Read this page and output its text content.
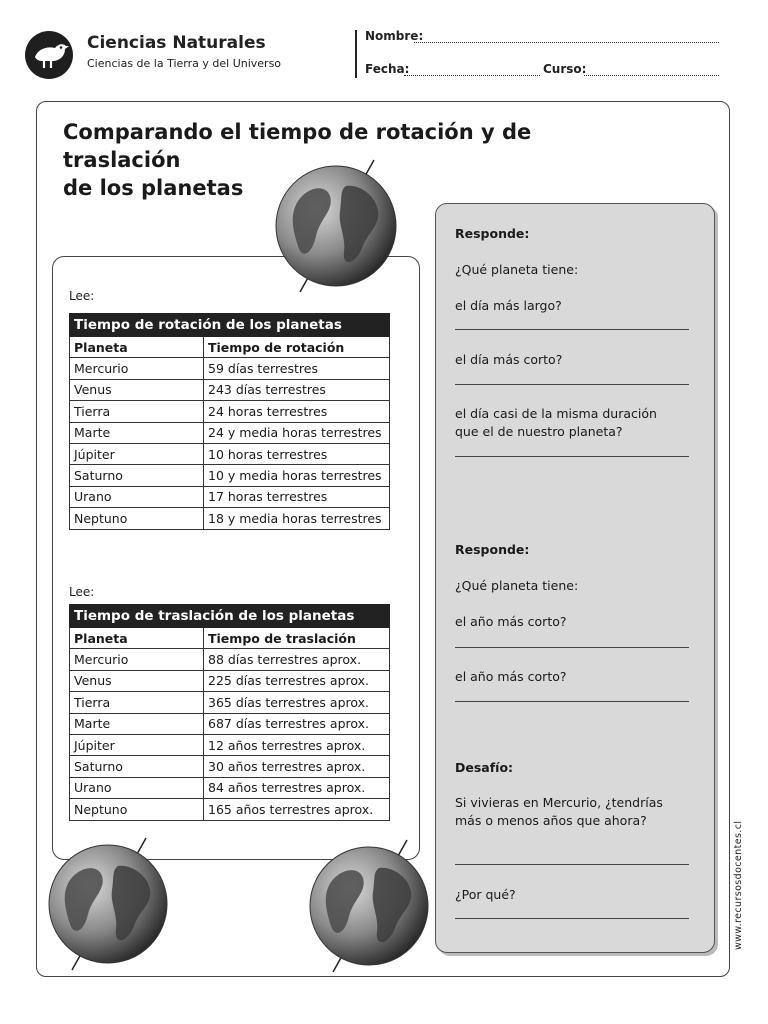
Ciencias Naturales
Ciencias de la Tierra y del Universo
Nombre:
Fecha:	Curso:
Comparando el tiempo de rotación y de traslación
de los planetas
Lee:
Tiempo de rotación de los planetas	
Planeta	Tiempo de rotación
Mercurio	59 días terrestres
Venus	243 días terrestres
Tierra	24 horas terrestres
Marte	24 y media horas terrestres
Júpiter	10 horas terrestres
Saturno	10 y media horas terrestres
Urano	17 horas terrestres
Neptuno	18 y media horas terrestres
Lee:
Tiempo de traslación de los planetas	
Planeta	Tiempo de traslación
Mercurio	88 días terrestres aprox.
Venus	225 días terrestres aprox.
Tierra	365 días terrestres aprox.
Marte	687 días terrestres aprox.
Júpiter	12 años terrestres aprox.
Saturno	30 años terrestres aprox.
Urano	84 años terrestres aprox.
Neptuno	165 años terrestres aprox.
Responde:
¿Qué planeta tiene:
el día más largo?
el día más corto?
el día casi de la misma duración
que el de nuestro planeta?
Responde:
¿Qué planeta tiene:
el año más corto?
el año más corto?
Desafío:
Si vivieras en Mercurio, ¿tendrías
más o menos años que ahora?
¿Por qué?	www.recursosdocentes.cl
